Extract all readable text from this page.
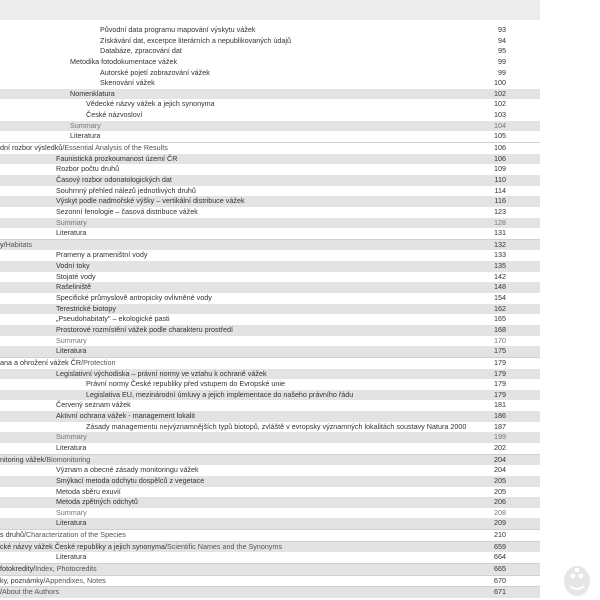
Původní data programu mapování výskytu vážek	93
Získávání dat, excerpce literárních a nepublikovaných údajů	94
Databáze, zpracování dat	95
Metodika fotodokumentace vážek	99
Autorské pojetí zobrazování vážek	99
Skenování vážek	100
Nomenklatura	102
Vědecké názvy vážek a jejich synonyma	102
České názvosloví	103
Summary	104
Literatura	105
dní rozbor výsledků/Essential Analysis of the Results	106
Faunistická prozkoumanost území ČR	106
Rozbor počtu druhů	109
Časový rozbor odonatologických dat	110
Souhrnný přehled nálezů jednotlivých druhů	114
Výskyt podle nadmořské výšky – vertikální distribuce vážek	116
Sezonní fenologie – časová distribuce vážek	123
Summary	128
Literatura	131
y/Habitats	132
Prameny a prameništní vody	133
Vodní toky	135
Stojaté vody	142
Rašeliniště	148
Specifické průmyslově antropicky ovlivněné vody	154
Terestrické biotopy	162
„Pseudohabitaty" – ekologické pasti	165
Prostorové rozmístění vážek podle charakteru prostředí	168
Summary	170
Literatura	175
ana a ohrožení vážek ČR/Protection	179
Legislativní východiska – právní normy ve vztahu k ochraně vážek	179
Právní normy České republiky před vstupem do Evropské unie	179
Legislativa EU, mezinárodní úmluvy a jejich implementace do našeho právního řádu	179
Červený seznam vážek	181
Aktivní ochrana vážek - management lokalit	186
Zásady managementu nejvýznamnějších typů biotopů, zvláště v evropsky významných lokalitách soustavy Natura 2000	187
Summary	199
Literatura	202
nitoring vážek/Biomonitoring	204
Význam a obecné zásady monitoringu vážek	204
Smýkací metoda odchytu dospělců z vegetace	205
Metoda sběru exuvií	205
Metoda zpětných odchytů	206
Summary	208
Literatura	209
s druhů/Characterization of the Species	210
cké názvy vážek České republiky a jejich synonyma/Scientific Names and the Synonyms	659
Literatura	664
fotokredity/Index, Photocredits	665
ky, poznámky/Appendixes, Notes	670
/About the Authors	671
